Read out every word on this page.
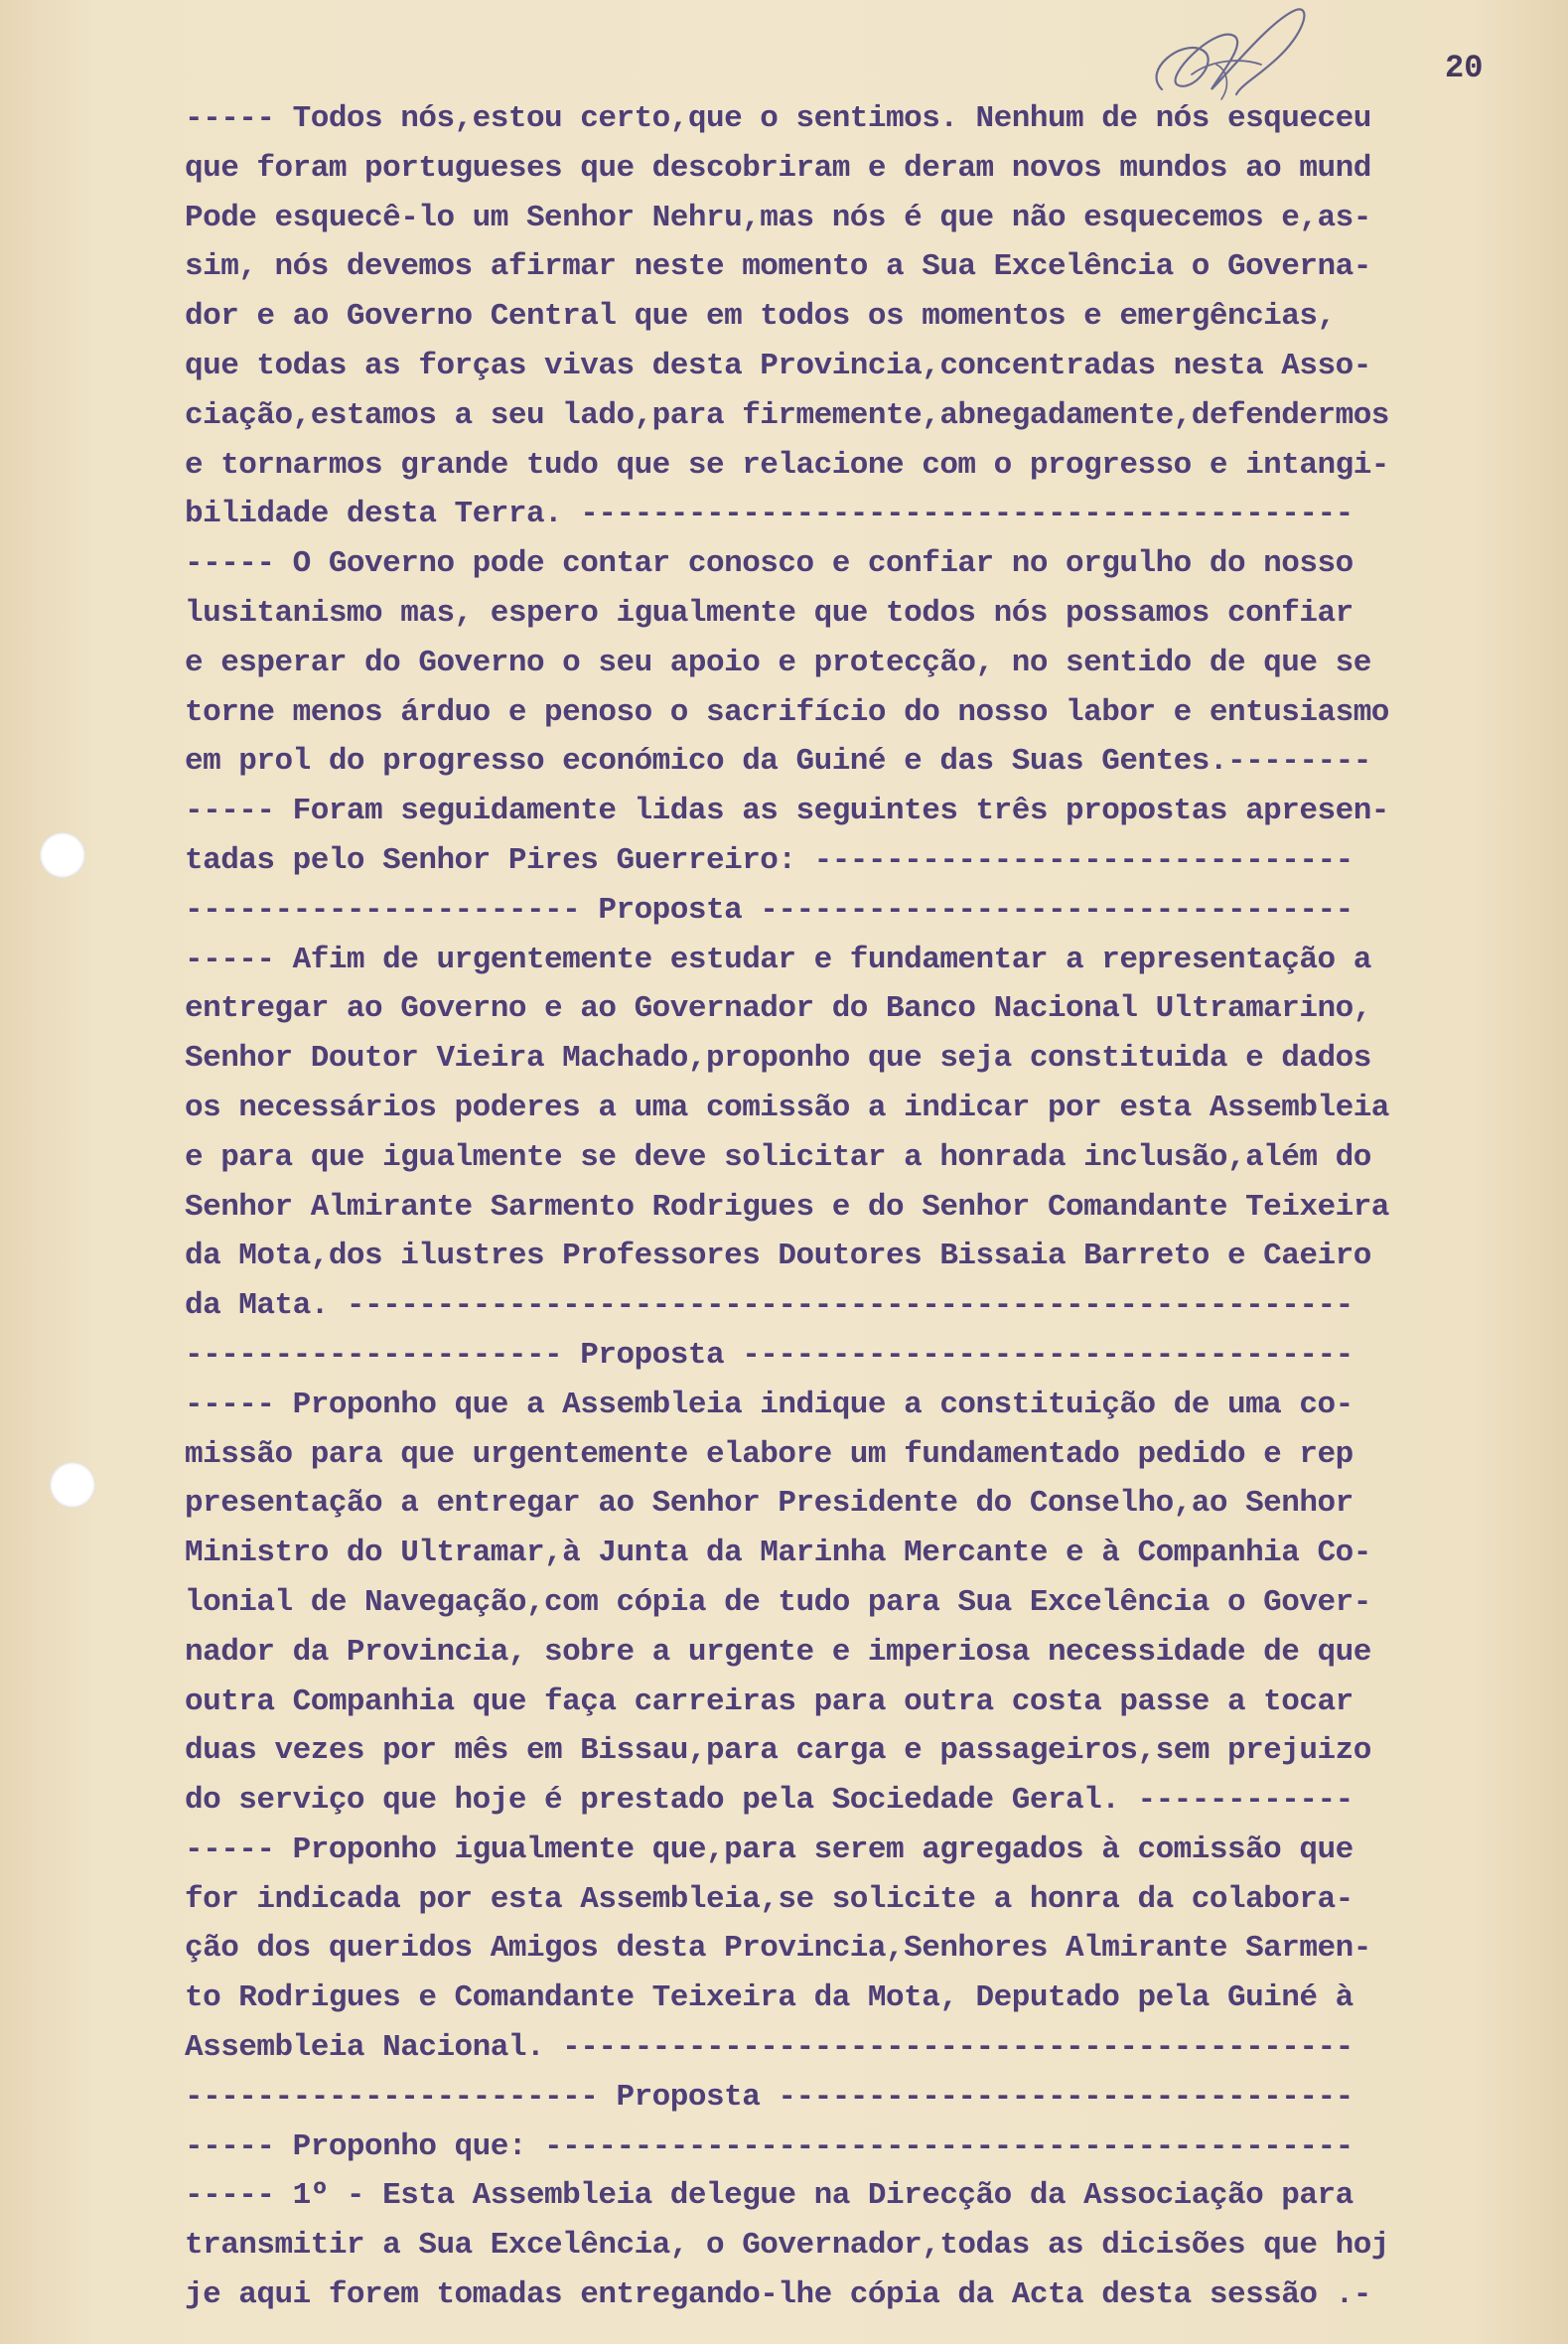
20
----- Todos nós,estou certo,que o sentimos. Nenhum de nós esqueceu
que foram portugueses que descobriram e deram novos mundos ao mund
Pode esquecê-lo um Senhor Nehru,mas nós é que não esquecemos e,as-
sim, nós devemos afirmar neste momento a Sua Excelência o Governa-
dor e ao Governo Central que em todos os momentos e emergências,
que todas as forças vivas desta Provincia,concentradas nesta Asso-
ciação,estamos a seu lado,para firmemente,abnegadamente,defendermos
e tornarmos grande tudo que se relacione com o progresso e intangi-
bilidade desta Terra. -------------------------------------------
----- O Governo pode contar conosco e confiar no orgulho do nosso
lusitanismo mas, espero igualmente que todos nós possamos confiar
e esperar do Governo o seu apoio e protecção, no sentido de que se
torne menos árduo e penoso o sacrifício do nosso labor e entusiasmo
em prol do progresso económico da Guiné e das Suas Gentes.--------
----- Foram seguidamente lidas as seguintes três propostas apresen-
tadas pelo Senhor Pires Guerreiro: ------------------------------
---------------------- Proposta ---------------------------------
----- Afim de urgentemente estudar e fundamentar a representação a
entregar ao Governo e ao Governador do Banco Nacional Ultramarino,
Senhor Doutor Vieira Machado,proponho que seja constituida e dados
os necessários poderes a uma comissão a indicar por esta Assembleia
e para que igualmente se deve solicitar a honrada inclusão,além do
Senhor Almirante Sarmento Rodrigues e do Senhor Comandante Teixeira
da Mota,dos ilustres Professores Doutores Bissaia Barreto e Caeiro
da Mata. --------------------------------------------------------
--------------------- Proposta ----------------------------------
----- Proponho que a Assembleia indique a constituição de uma co-
missão para que urgentemente elabore um fundamentado pedido e rep
presentação a entregar ao Senhor Presidente do Conselho,ao Senhor
Ministro do Ultramar,à Junta da Marinha Mercante e à Companhia Co-
lonial de Navegação,com cópia de tudo para Sua Excelência o Gover-
nador da Provincia, sobre a urgente e imperiosa necessidade de que
outra Companhia que faça carreiras para outra costa passe a tocar
duas vezes por mês em Bissau,para carga e passageiros,sem prejuizo
do serviço que hoje é prestado pela Sociedade Geral. ------------
----- Proponho igualmente que,para serem agregados à comissão que
for indicada por esta Assembleia,se solicite a honra da colabora-
ção dos queridos Amigos desta Provincia,Senhores Almirante Sarmen-
to Rodrigues e Comandante Teixeira da Mota, Deputado pela Guiné à
Assembleia Nacional. --------------------------------------------
----------------------- Proposta --------------------------------
----- Proponho que: ---------------------------------------------
----- 1º - Esta Assembleia delegue na Direcção da Associação para
transmitir a Sua Excelência, o Governador,todas as dicisões que hoj
je aqui forem tomadas entregando-lhe cópia da Acta desta sessão .-
